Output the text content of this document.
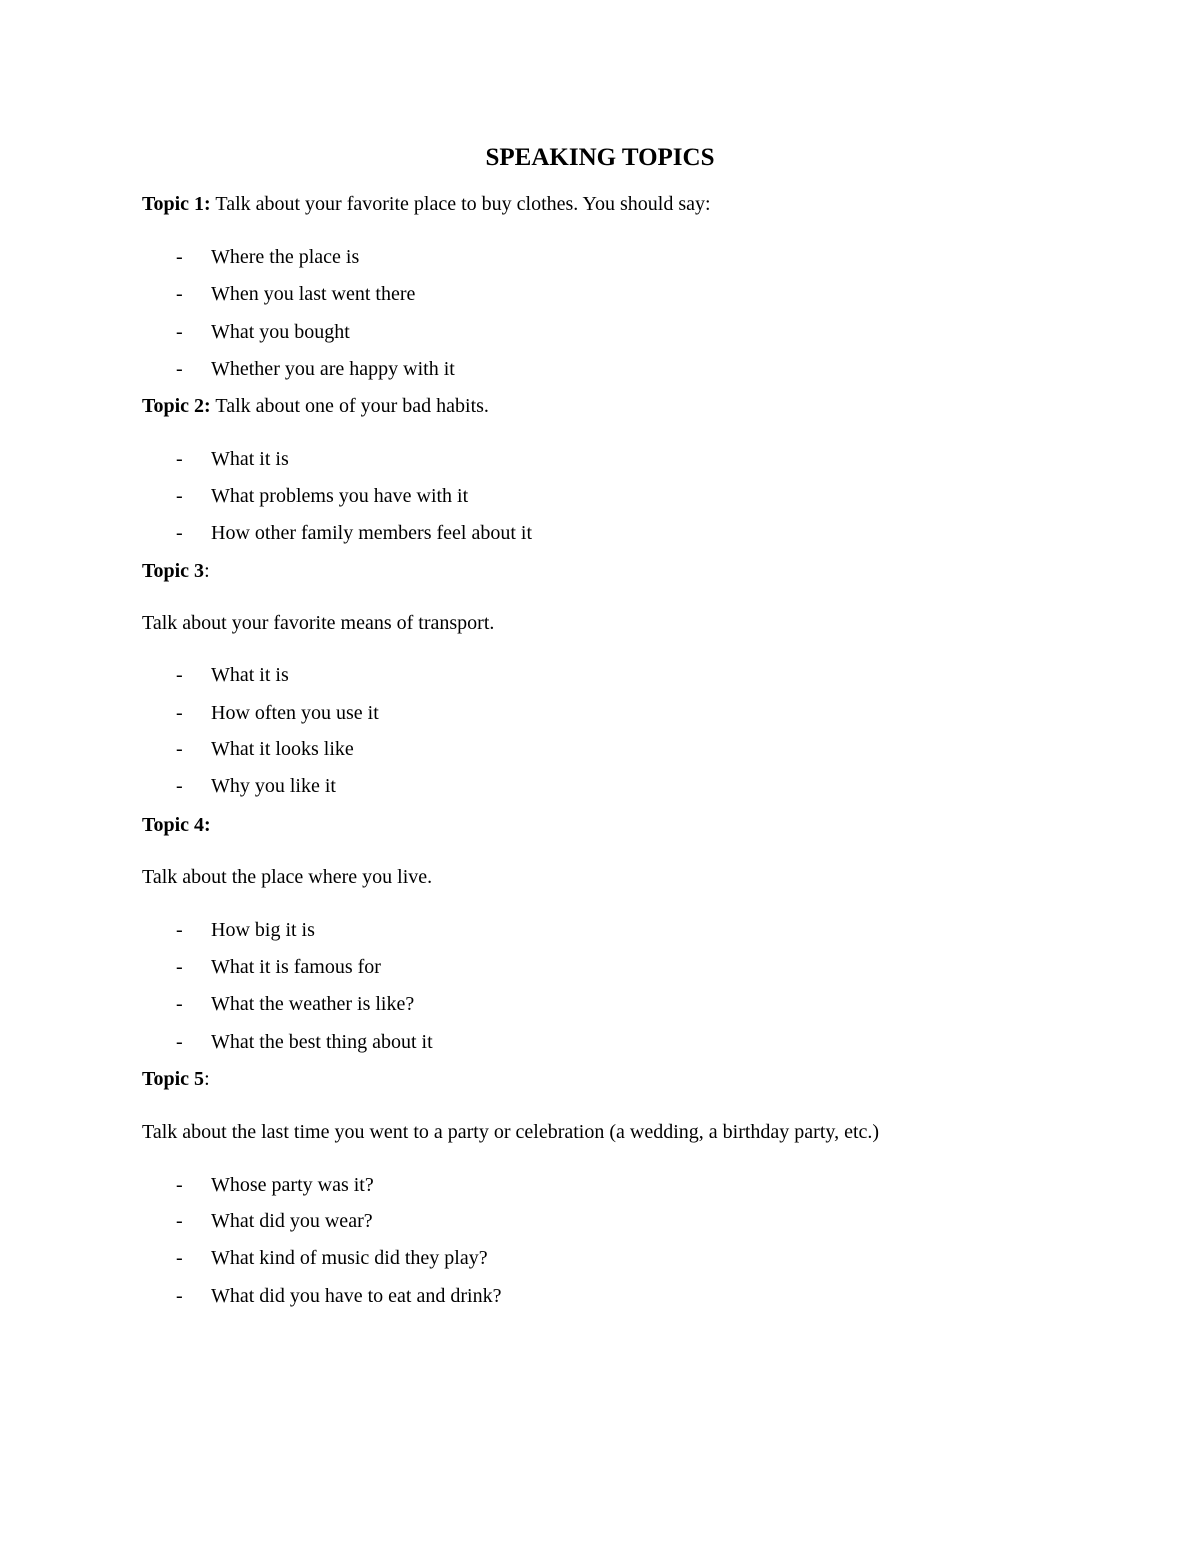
SPEAKING TOPICS
Topic 1: Talk about your favorite place to buy clothes. You should say:
- Where the place is
- When you last went there
- What you bought
- Whether you are happy with it
Topic 2: Talk about one of your bad habits.
- What it is
- What problems you have with it
- How other family members feel about it
Topic 3:
Talk about your favorite means of transport.
- What it is
- How often you use it
- What it looks like
- Why you like it
Topic 4:
Talk about the place where you live.
- How big it is
- What it is famous for
- What the weather is like?
- What the best thing about it
Topic 5:
Talk about the last time you went to a party or celebration (a wedding, a birthday party, etc.)
- Whose party was it?
- What did you wear?
- What kind of music did they play?
- What did you have to eat and drink?
